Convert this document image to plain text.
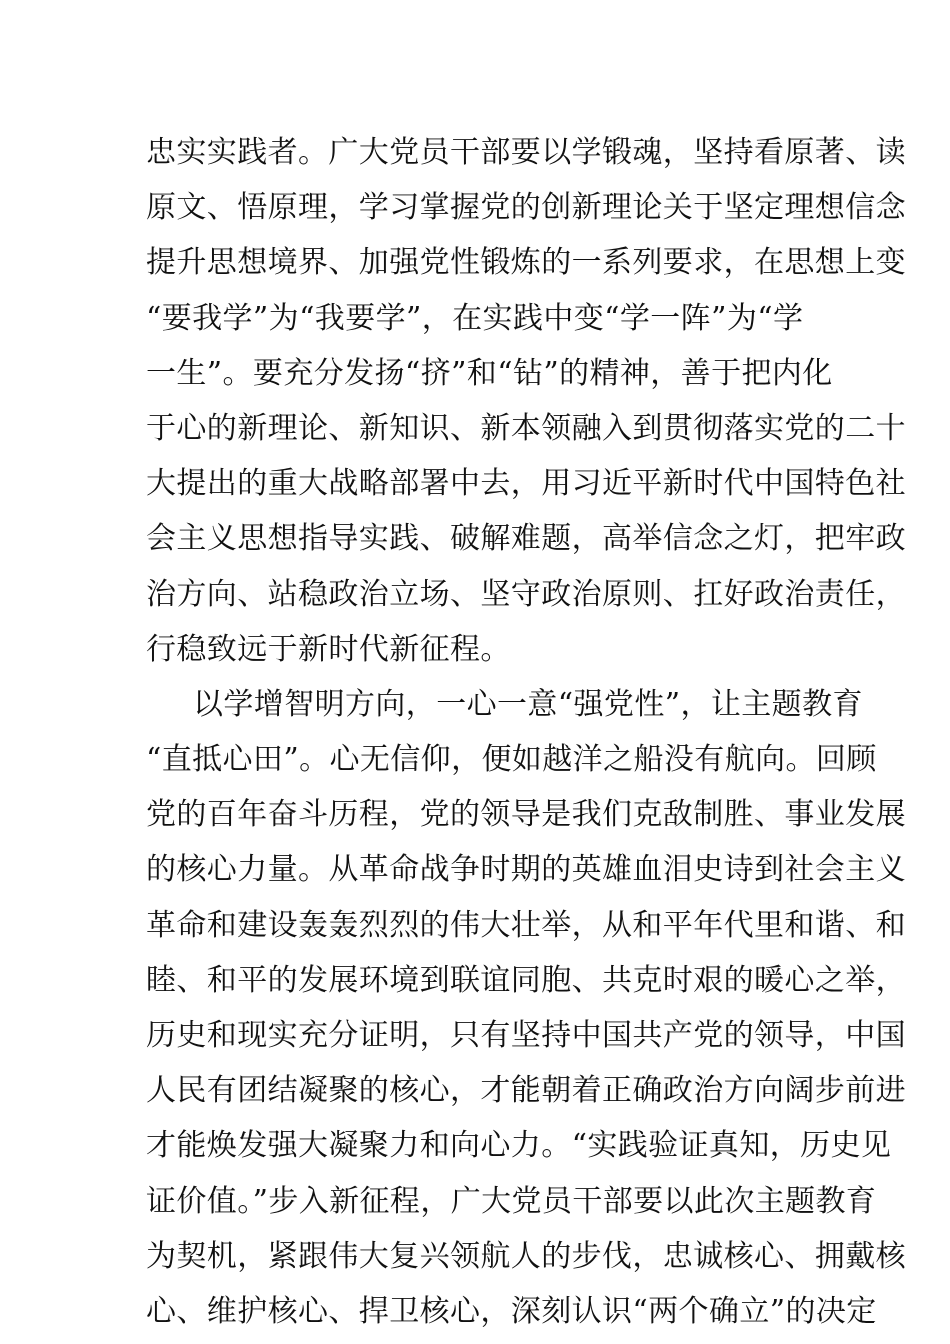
忠实实践者。广大党员干部要以学锻魂，坚持看原著、读
原文、悟原理，学习掌握党的创新理论关于坚定理想信念
提升思想境界、加强党性锻炼的一系列要求，在思想上变
“要我学”为“我要学”，在实践中变“学一阵”为“学
一生”。要充分发扬“挤”和“钻”的精神，善于把内化
于心的新理论、新知识、新本领融入到贯彻落实党的二十
大提出的重大战略部署中去，用习近平新时代中国特色社
会主义思想指导实践、破解难题，高举信念之灯，把牢政
治方向、站稳政治立场、坚守政治原则、扛好政治责任，
行稳致远于新时代新征程。
以学增智明方向，一心一意“强党性”，让主题教育
“直抵心田”。心无信仰，便如越洋之船没有航向。回顾
党的百年奋斗历程，党的领导是我们克敌制胜、事业发展
的核心力量。从革命战争时期的英雄血泪史诗到社会主义
革命和建设轰轰烈烈的伟大壮举，从和平年代里和谐、和
睦、和平的发展环境到联谊同胞、共克时艰的暖心之举，
历史和现实充分证明，只有坚持中国共产党的领导，中国
人民有团结凝聚的核心，才能朝着正确政治方向阔步前进
才能焕发强大凝聚力和向心力。“实践验证真知，历史见
证价值。”步入新征程，广大党员干部要以此次主题教育
为契机，紧跟伟大复兴领航人的步伐，忠诚核心、拥戴核
心、维护核心、捍卫核心，深刻认识“两个确立”的决定
